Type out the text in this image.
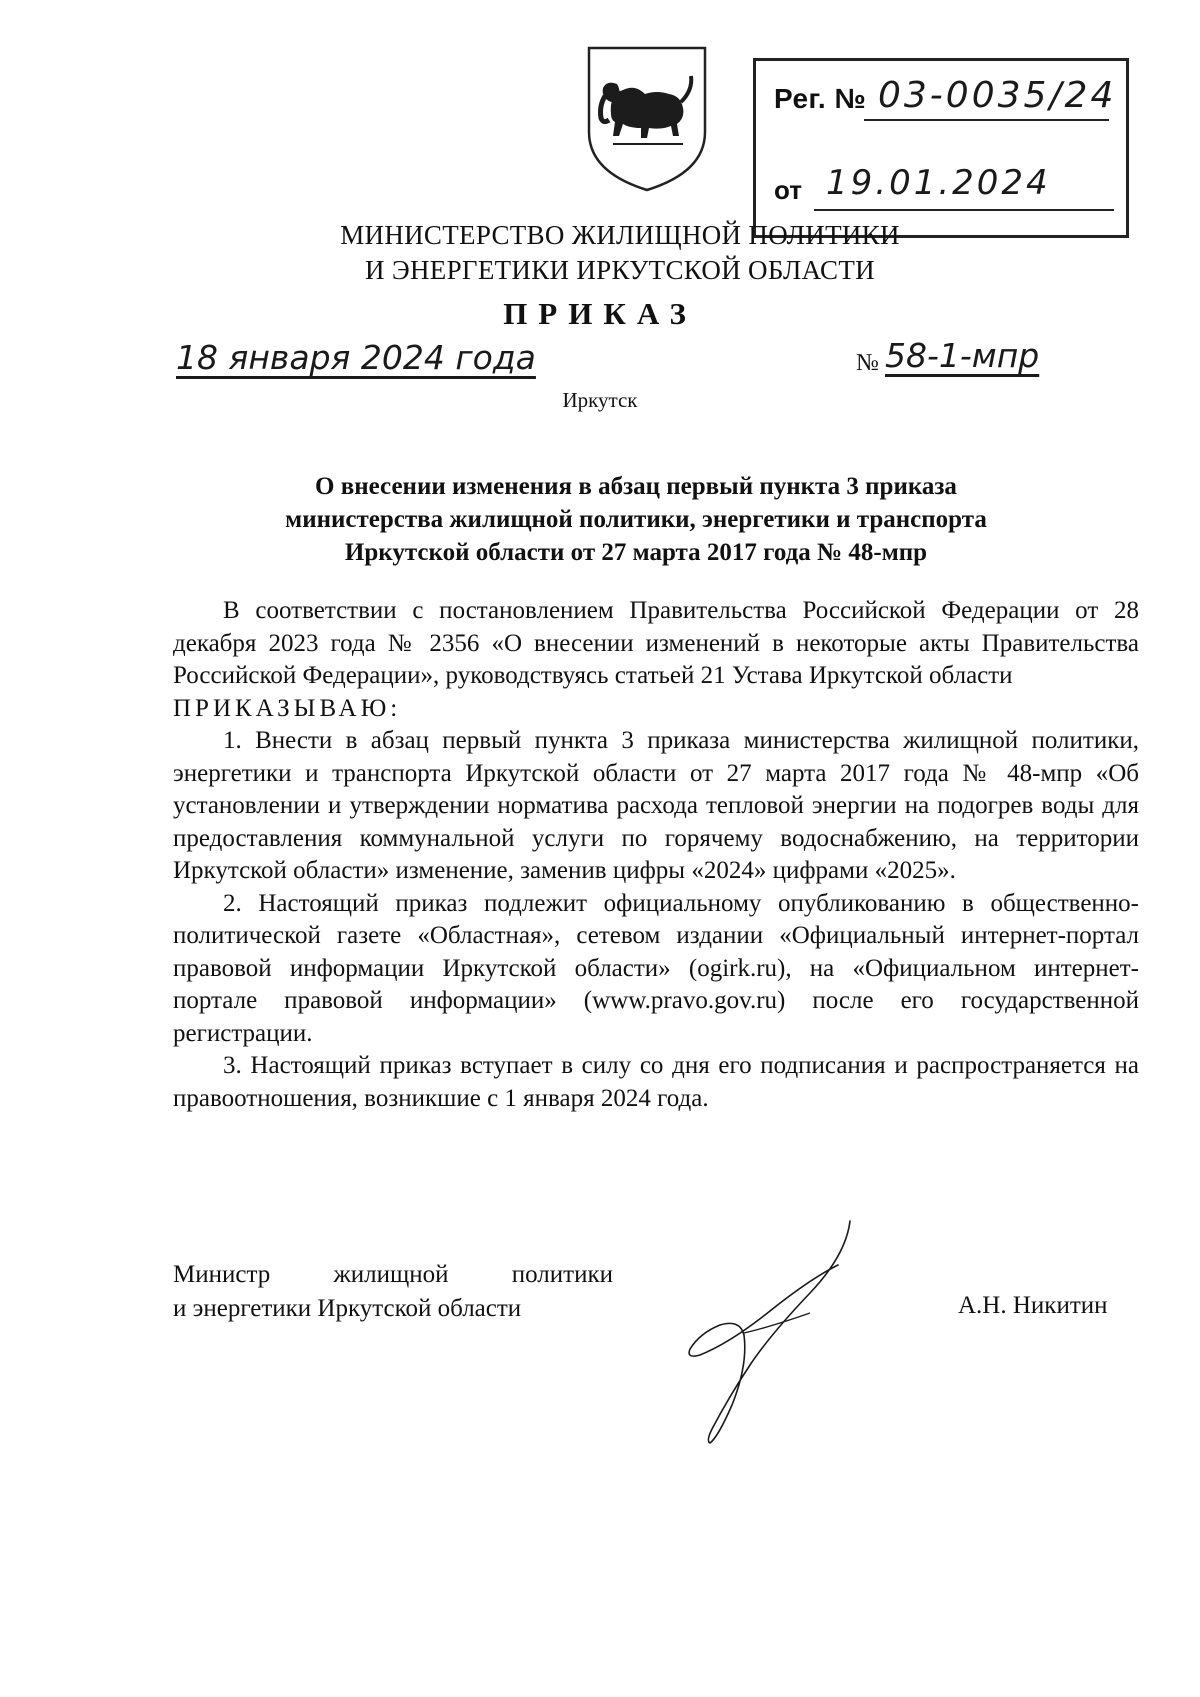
Рег. № 03-0035/24
от 19.01.2024
МИНИСТЕРСТВО ЖИЛИЩНОЙ ПОЛИТИКИ
И ЭНЕРГЕТИКИ ИРКУТСКОЙ ОБЛАСТИ
ПРИКАЗ
18 января 2024 года	№ 58-1-мпр
Иркутск
О внесении изменения в абзац первый пункта 3 приказа
министерства жилищной политики, энергетики и транспорта
Иркутской области от 27 марта 2017 года № 48-мпр

В соответствии с постановлением Правительства Российской Федерации от 28 декабря 2023 года № 2356 «О внесении изменений в некоторые акты Правительства Российской Федерации», руководствуясь статьей 21 Устава Иркутской области

ПРИКАЗЫВАЮ:

1. Внести в абзац первый пункта 3 приказа министерства жилищной политики, энергетики и транспорта Иркутской области от 27 марта 2017 года № 48-мпр «Об установлении и утверждении норматива расхода тепловой энергии на подогрев воды для предоставления коммунальной услуги по горячему водоснабжению, на территории Иркутской области» изменение, заменив цифры «2024» цифрами «2025».

2. Настоящий приказ подлежит официальному опубликованию в общественно-политической газете «Областная», сетевом издании «Официальный интернет-портал правовой информации Иркутской области» (ogirk.ru), на «Официальном интернет-портале правовой информации» (www.pravo.gov.ru) после его государственной регистрации.

3. Настоящий приказ вступает в силу со дня его подписания и распространяется на правоотношения, возникшие с 1 января 2024 года.

Министр	жилищной	политики
и энергетики Иркутской области	А.Н. Никитин
